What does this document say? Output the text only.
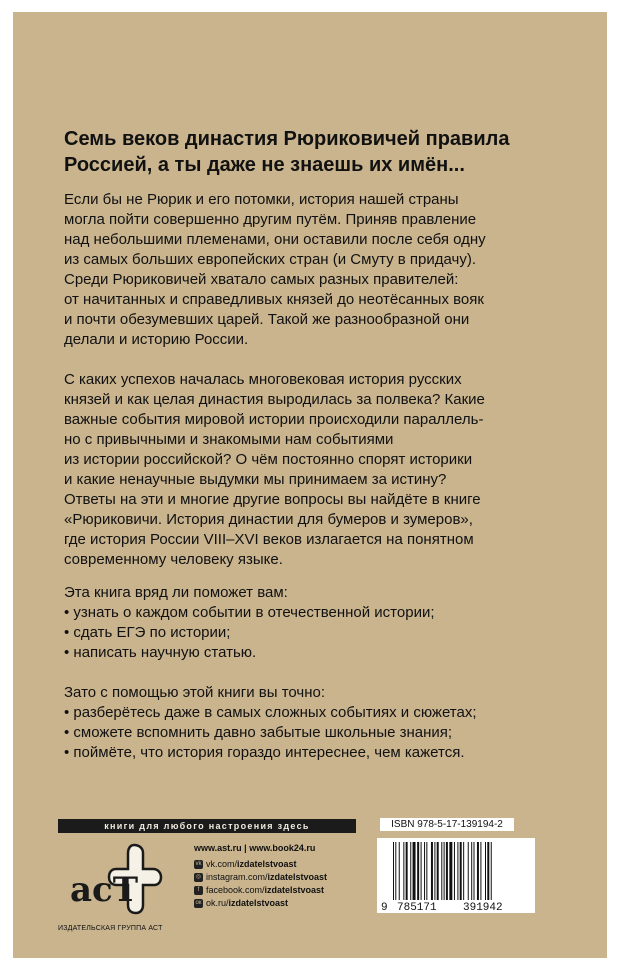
Семь веков династия Рюриковичей правила
Россией, а ты даже не знаешь их имён...

Если бы не Рюрик и его потомки, история нашей страны
могла пойти совершенно другим путём. Приняв правление
над небольшими племенами, они оставили после себя одну
из самых больших европейских стран (и Смуту в придачу).
Среди Рюриковичей хватало самых разных правителей:
от начитанных и справедливых князей до неотёсанных вояк
и почти обезумевших царей. Такой же разнообразной они
делали и историю России.

С каких успехов началась многовековая история русских
князей и как целая династия выродилась за полвека? Какие
важные события мировой истории происходили параллель-
но с привычными и знакомыми нам событиями
из истории российской? О чём постоянно спорят историки
и какие ненаучные выдумки мы принимаем за истину?
Ответы на эти и многие другие вопросы вы найдёте в книге
«Рюриковичи. История династии для бумеров и зумеров»,
где история России VIII–XVI веков излагается на понятном
современному человеку языке.

Эта книга вряд ли поможет вам:
• узнать о каждом событии в отечественной истории;
• сдать ЕГЭ по истории;
• написать научную статью.

Зато с помощью этой книги вы точно:
• разберётесь даже в самых сложных событиях и сюжетах;
• сможете вспомнить давно забытые школьные знания;
• поймёте, что история гораздо интереснее, чем кажется.

книги для любого настроения здесь
acT
ИЗДАТЕЛЬСКАЯ ГРУППА АСТ
www.ast.ru | www.book24.ru
vk vk.com/izdatelstvoast
◎ instagram.com/izdatelstvoast
f facebook.com/izdatelstvoast
ок ok.ru/izdatelstvoast
ISBN 978-5-17-139194-2
9 785171 391942
